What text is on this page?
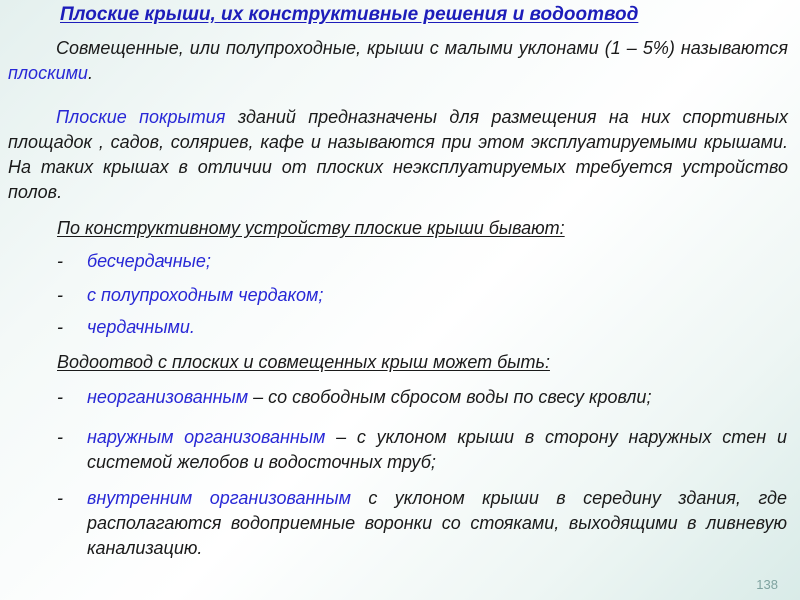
Плоские крыши, их конструктивные решения и водоотвод
Совмещенные, или полупроходные, крыши с малыми уклонами (1 – 5%) называются плоскими.
Плоские покрытия зданий предназначены для размещения на них спортивных площадок , садов, соляриев, кафе и называются при этом эксплуатируемыми крышами. На таких крышах в отличии от плоских неэксплуатируемых требуется устройство полов.
По конструктивному устройству плоские крыши бывают:
-	бесчердачные;
-	с полупроходным чердаком;
-	чердачными.
Водоотвод с плоских и совмещенных крыш может быть:
-	неорганизованным – со свободным сбросом воды по свесу кровли;
-	наружным организованным – с уклоном крыши в сторону наружных стен и системой желобов и водосточных труб;
-	внутренним организованным с уклоном крыши в середину здания, где располагаются водоприемные воронки со стояками, выходящими в ливневую канализацию.
138
